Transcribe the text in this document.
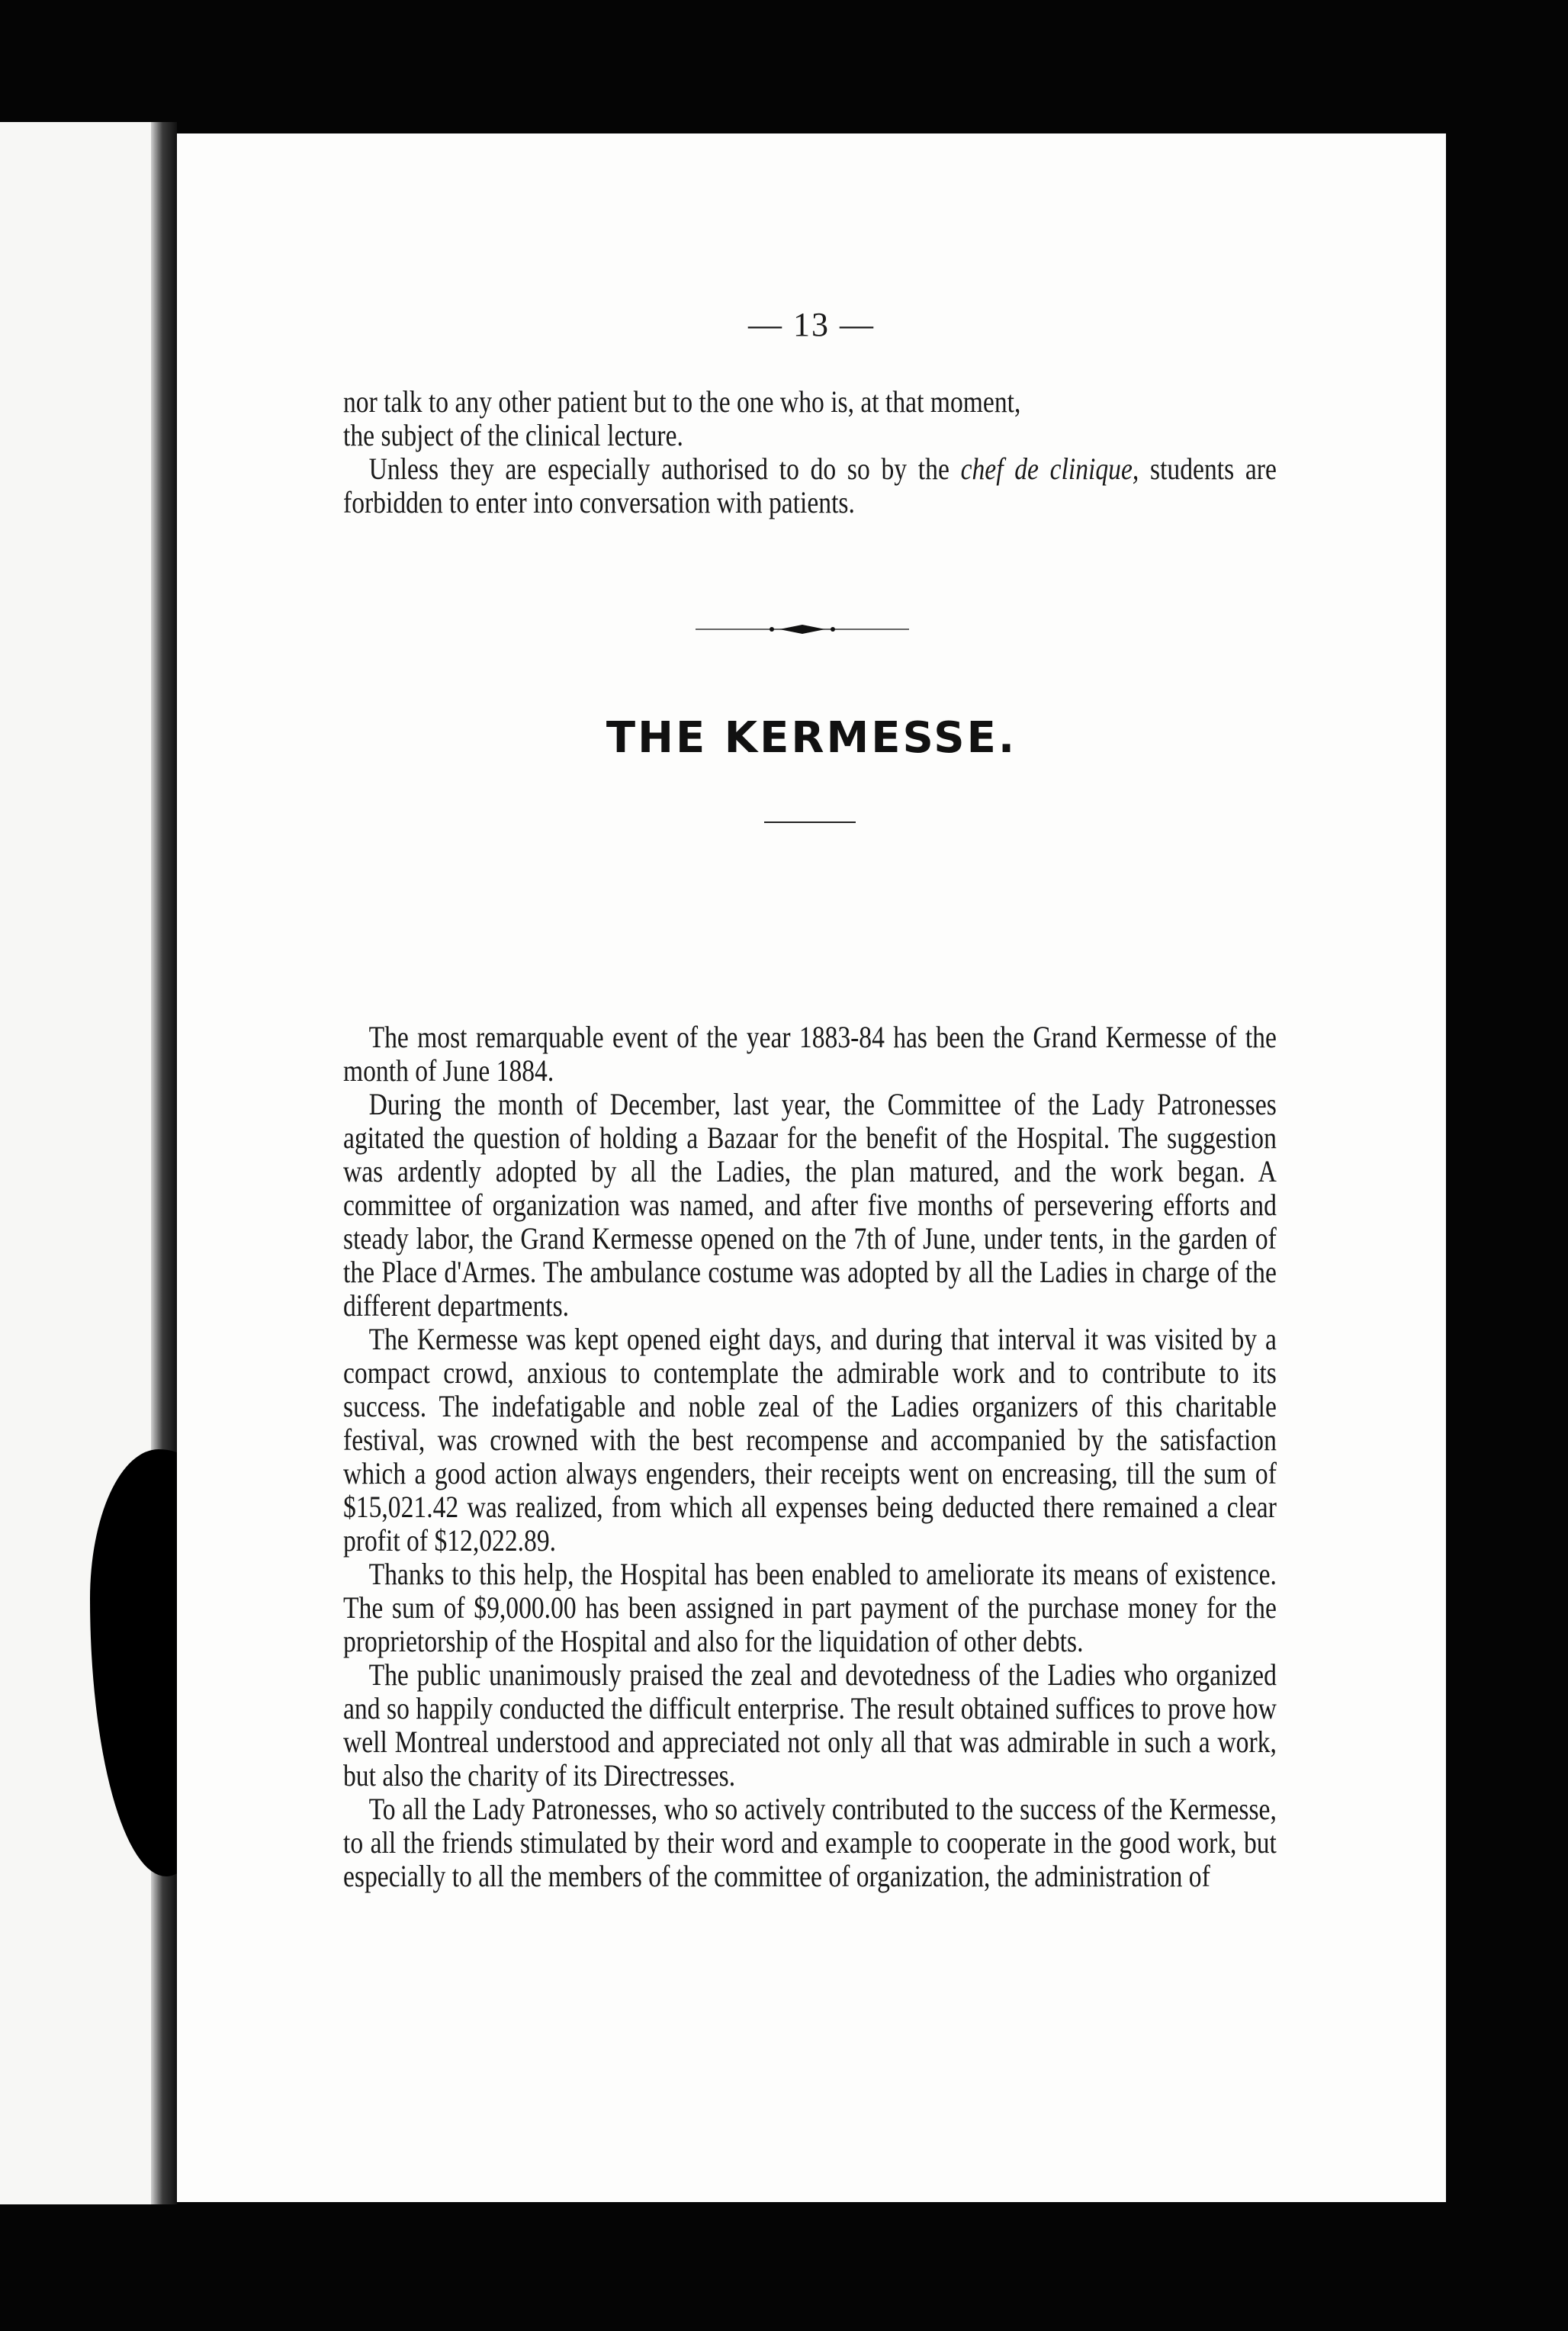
— 13 —

nor talk to any other patient but to the one who is, at that moment,

the subject of the clinical lecture.

Unless they are especially authorised to do so by the chef de clinique, students are forbidden to enter into conversation with patients.

THE KERMESSE.

The most remarquable event of the year 1883-84 has been the Grand Kermesse of the month of June 1884.

During the month of December, last year, the Committee of the Lady Patronesses agitated the question of holding a Bazaar for the benefit of the Hospital. The suggestion was ardently adopted by all the Ladies, the plan matured, and the work began. A committee of organization was named, and after five months of persevering efforts and steady labor, the Grand Kermesse opened on the 7th of June, under tents, in the garden of the Place d'Armes. The ambulance costume was adopted by all the Ladies in charge of the different departments.

The Kermesse was kept opened eight days, and during that interval it was visited by a compact crowd, anxious to contemplate the admirable work and to contribute to its success. The indefatigable and noble zeal of the Ladies organizers of this charitable festival, was crowned with the best recompense and accompanied by the satisfaction which a good action always engenders, their receipts went on encreasing, till the sum of $15,021.42 was realized, from which all expenses being deducted there remained a clear profit of $12,022.89.

Thanks to this help, the Hospital has been enabled to ameliorate its means of existence. The sum of $9,000.00 has been assigned in part payment of the purchase money for the proprietorship of the Hospital and also for the liquidation of other debts.

The public unanimously praised the zeal and devotedness of the Ladies who organized and so happily conducted the difficult enterprise. The result obtained suffices to prove how well Montreal understood and appreciated not only all that was admirable in such a work, but also the charity of its Directresses.

To all the Lady Patronesses, who so actively contributed to the success of the Kermesse, to all the friends stimulated by their word and example to cooperate in the good work, but especially to all the members of the committee of organization, the administration of
